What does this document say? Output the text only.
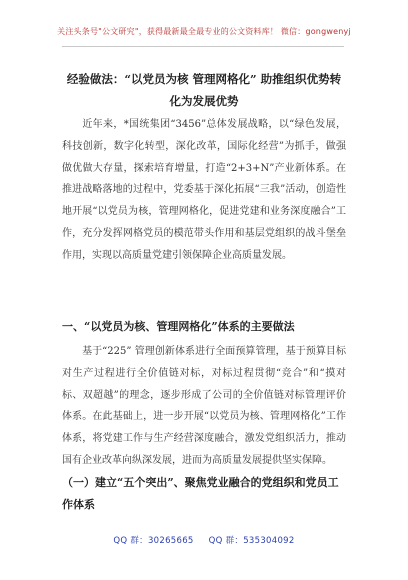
关注头条号"公文研究"，获得最新最全最专业的公文资料库！ 微信：gongwenyj
经验做法：“以党员为核 管理网格化” 助推组织优势转化为发展优势
近年来，*国统集团“3456”总体发展战略，以“绿色发展，科技创新，数字化转型，深化改革，国际化经营”为抓手，做强做优做大存量，探索培育增量，打造“2+3+N”产业新体系。在推进战略落地的过程中，党委基于深化拓展“三我”活动，创造性地开展“以党员为核，管理网格化，促进党建和业务深度融合”工作，充分发挥网格党员的模范带头作用和基层党组织的战斗堡垒作用，实现以高质量党建引领保障企业高质量发展。
一、“以党员为核、管理网格化”体系的主要做法
基于“225” 管理创新体系进行全面预算管理，基于预算目标对生产过程进行全价值链对标，对标过程贯彻“竞合”和“摸对标、双超越”的理念，逐步形成了公司的全价值链对标管理评价体系。在此基础上，进一步开展“以党员为核、管理网格化”工作体系，将党建工作与生产经营深度融合，激发党组织活力，推动国有企业改革向纵深发展，进而为高质量发展提供坚实保障。
（一）建立“五个突出”、聚焦党业融合的党组织和党员工作体系
QQ 群：30265665 QQ 群：535304092
